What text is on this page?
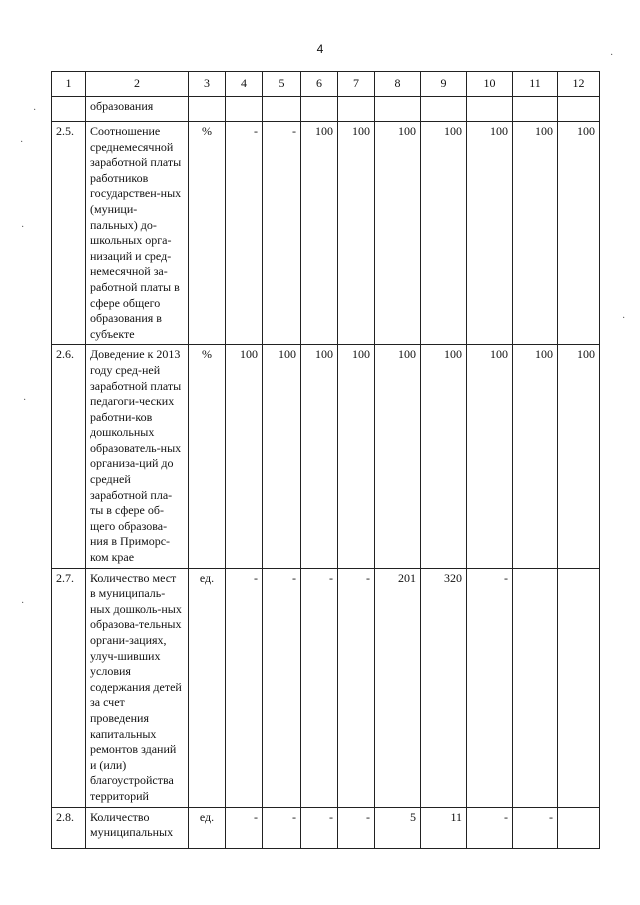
4
1	2	3	4	5	6	7	8	9	10	11	12
	образования										
2.5.	Соотношение среднемесячной заработной платы работников государствен-ных (муници-пальных) до-школьных орга-низаций и сред-немесячной за-работной платы в сфере общего образования в субъекте	%	-	-	100	100	100	100	100	100	100
2.6.	Доведение к 2013 году сред-ней заработной платы педагоги-ческих работни-ков дошкольных образователь-ных организа-ций до средней заработной пла-ты в сфере об-щего образова-ния в Приморс-ком крае	%	100	100	100	100	100	100	100	100	100
2.7.	Количество мест в муниципаль-ных дошколь-ных образова-тельных органи-зациях, улуч-шивших условия содержания детей за счет проведения капитальных ремонтов зданий и (или) благоустройства территорий	ед.	-	-	-	-	201	320	-		
2.8.	Количество муниципальных	ед.	-	-	-	-	5	11	-	-	
·
·
·
·
·
·
·
